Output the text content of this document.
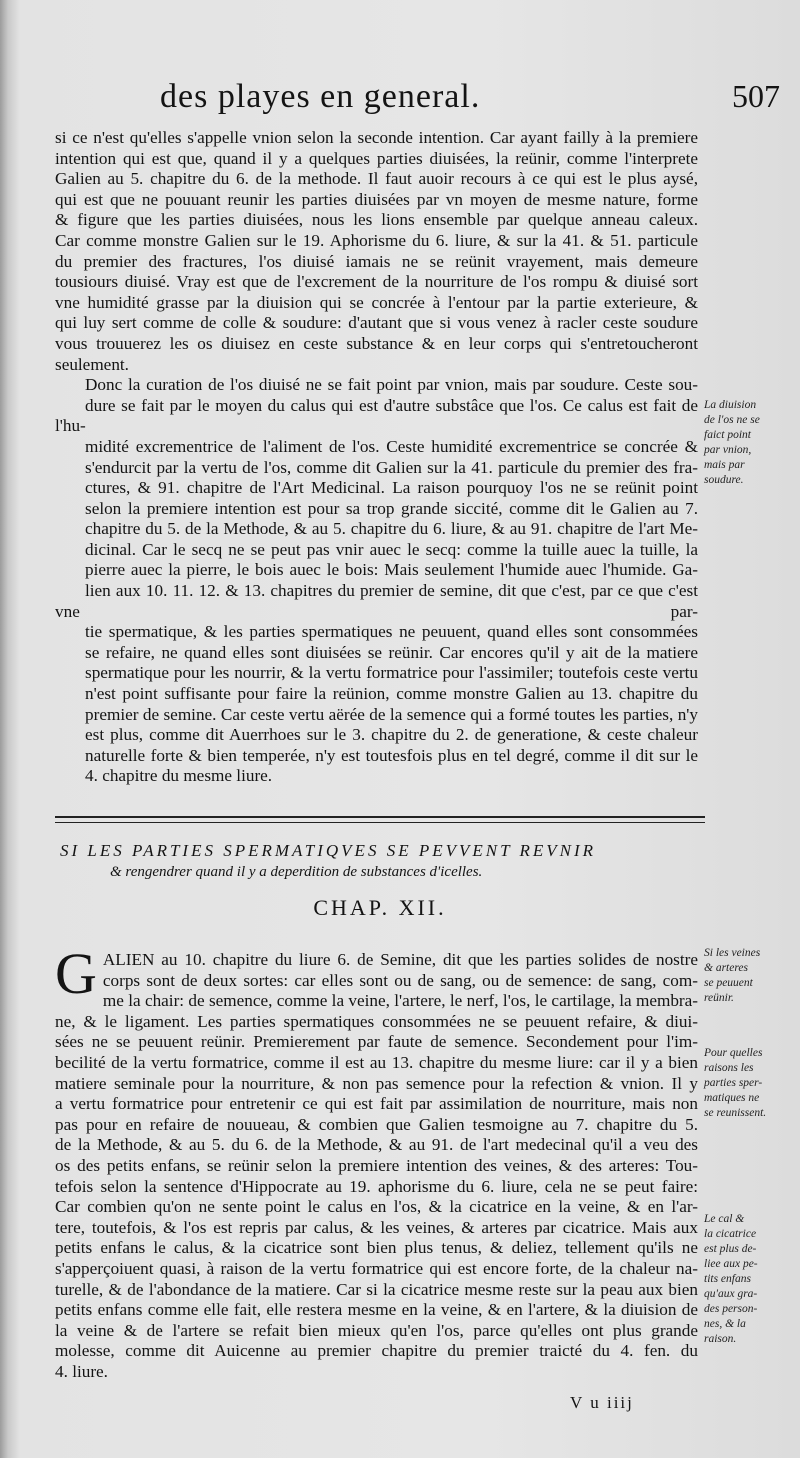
des playes en general.	507

si ce n'est qu'elles s'appelle vnion selon la seconde intention. Car ayant failly à la premiere
intention qui est que, quand il y a quelques parties diuisées, la reünir, comme l'interprete
Galien au 5. chapitre du 6. de la methode. Il faut auoir recours à ce qui est le plus aysé,
qui est que ne pouuant reunir les parties diuisées par vn moyen de mesme nature, forme
& figure que les parties diuisées, nous les lions ensemble par quelque anneau caleux.
Car comme monstre Galien sur le 19. Aphorisme du 6. liure, & sur la 41. & 51. particule
du premier des fractures, l'os diuisé iamais ne se reünit vrayement, mais demeure
tousiours diuisé. Vray est que de l'excrement de la nourriture de l'os rompu & diuisé sort
vne humidité grasse par la diuision qui se concrée à l'entour par la partie exterieure, &
qui luy sert comme de colle & soudure: d'autant que si vous venez à racler ceste soudure
vous trouuerez les os diuisez en ceste substance & en leur corps qui s'entretoucheront
seulement.

Donc la curation de l'os diuisé ne se fait point par vnion, mais par soudure. Ceste sou-
dure se fait par le moyen du calus qui est d'autre substâce que l'os. Ce calus est fait de l'hu-
midité excrementrice de l'aliment de l'os. Ceste humidité excrementrice se concrée &
s'endurcit par la vertu de l'os, comme dit Galien sur la 41. particule du premier des fra-
ctures, & 91. chapitre de l'Art Medicinal. La raison pourquoy l'os ne se reünit point
selon la premiere intention est pour sa trop grande siccité, comme dit le Galien au 7.
chapitre du 5. de la Methode, & au 5. chapitre du 6. liure, & au 91. chapitre de l'art Me-
dicinal. Car le secq ne se peut pas vnir auec le secq: comme la tuille auec la tuille, la
pierre auec la pierre, le bois auec le bois: Mais seulement l'humide auec l'humide. Ga-
lien aux 10. 11. 12. & 13. chapitres du premier de semine, dit que c'est, par ce que c'est vne par-
tie spermatique, & les parties spermatiques ne peuuent, quand elles sont consommées
se refaire, ne quand elles sont diuisées se reünir. Car encores qu'il y ait de la matiere
spermatique pour les nourrir, & la vertu formatrice pour l'assimiler; toutefois ceste vertu
n'est point suffisante pour faire la reünion, comme monstre Galien au 13. chapitre du
premier de semine. Car ceste vertu aërée de la semence qui a formé toutes les parties, n'y
est plus, comme dit Auerrhoes sur le 3. chapitre du 2. de generatione, & ceste chaleur
naturelle forte & bien temperée, n'y est toutesfois plus en tel degré, comme il dit sur le
4. chapitre du mesme liure.

La diuision
de l'os ne se
faict point
par vnion,
mais par
soudure.
SI LES PARTIES SPERMATIQVES SE PEVVENT REVNIR
& rengendrer quand il y a deperdition de substances d'icelles.
CHAP. XII.
G ALIEN au 10. chapitre du liure 6. de Semine, dit que les parties solides de nostre
corps sont de deux sortes: car elles sont ou de sang, ou de semence: de sang, com-
me la chair: de semence, comme la veine, l'artere, le nerf, l'os, le cartilage, la membra-
ne, & le ligament. Les parties spermatiques consommées ne se peuuent refaire, & diui-
sées ne se peuuent reünir. Premierement par faute de semence. Secondement pour l'im-
becilité de la vertu formatrice, comme il est au 13. chapitre du mesme liure: car il y a bien
matiere seminale pour la nourriture, & non pas semence pour la refection & vnion. Il y
a vertu formatrice pour entretenir ce qui est fait par assimilation de nourriture, mais non
pas pour en refaire de nouueau, & combien que Galien tesmoigne au 7. chapitre du 5.
de la Methode, & au 5. du 6. de la Methode, & au 91. de l'art medecinal qu'il a veu des
os des petits enfans, se reünir selon la premiere intention des veines, & des arteres: Tou-
tefois selon la sentence d'Hippocrate au 19. aphorisme du 6. liure, cela ne se peut faire:
Car combien qu'on ne sente point le calus en l'os, & la cicatrice en la veine, & en l'ar-
tere, toutefois, & l'os est repris par calus, & les veines, & arteres par cicatrice. Mais aux
petits enfans le calus, & la cicatrice sont bien plus tenus, & deliez, tellement qu'ils ne
s'apperçoiuent quasi, à raison de la vertu formatrice qui est encore forte, de la chaleur na-
turelle, & de l'abondance de la matiere. Car si la cicatrice mesme reste sur la peau aux bien
petits enfans comme elle fait, elle restera mesme en la veine, & en l'artere, & la diuision de
la veine & de l'artere se refait bien mieux qu'en l'os, parce qu'elles ont plus grande
molesse, comme dit Auicenne au premier chapitre du premier traicté du 4. fen. du
4. liure.

Si les veines
& arteres
se peuuent
reünir.
Pour quelles
raisons les
parties sper-
matiques ne
se reunissent.
Le cal &
la cicatrice
est plus de-
liee aux pe-
tits enfans
qu'aux gra-
des person-
nes, & la
raison.
V u iiij
